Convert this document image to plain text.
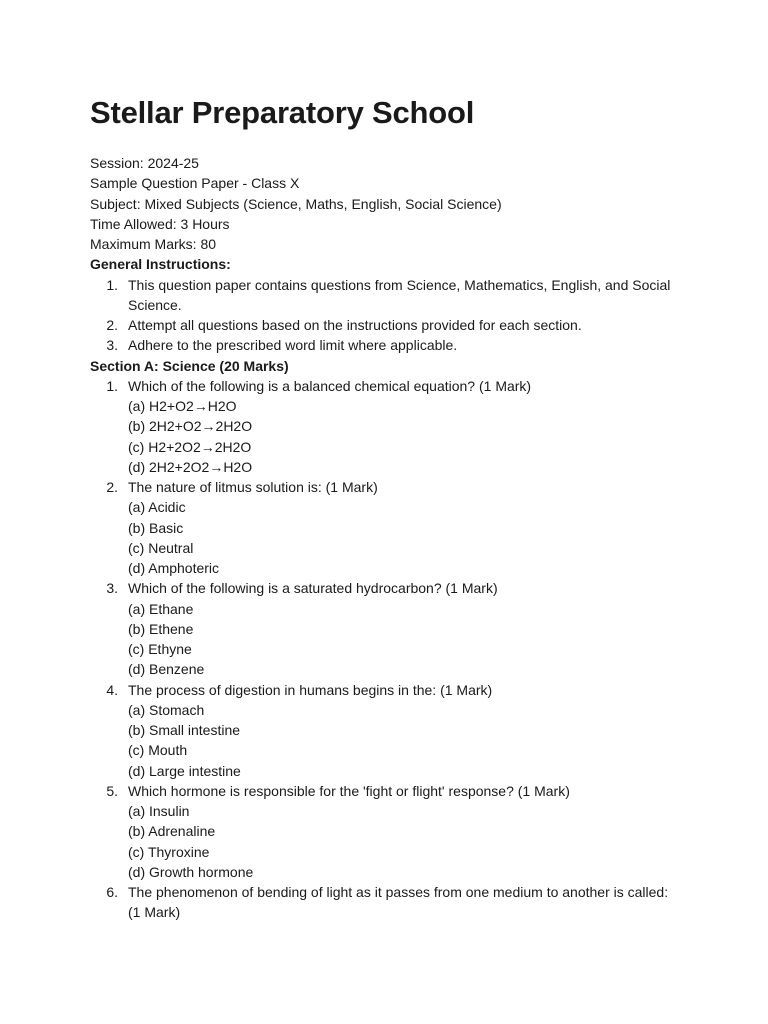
Stellar Preparatory School

Session: 2024-25

Sample Question Paper - Class X

Subject: Mixed Subjects (Science, Maths, English, Social Science)

Time Allowed: 3 Hours

Maximum Marks: 80

General Instructions:

1. This question paper contains questions from Science, Mathematics, English, and Social Science.
2. Attempt all questions based on the instructions provided for each section.
3. Adhere to the prescribed word limit where applicable.

Section A: Science (20 Marks)

1. Which of the following is a balanced chemical equation? (1 Mark)
(a) H2+O2→H2O
(b) 2H2+O2→2H2O
(c) H2+2O2→2H2O
(d) 2H2+2O2→H2O
2. The nature of litmus solution is: (1 Mark)
(a) Acidic
(b) Basic
(c) Neutral
(d) Amphoteric
3. Which of the following is a saturated hydrocarbon? (1 Mark)
(a) Ethane
(b) Ethene
(c) Ethyne
(d) Benzene
4. The process of digestion in humans begins in the: (1 Mark)
(a) Stomach
(b) Small intestine
(c) Mouth
(d) Large intestine
5. Which hormone is responsible for the 'fight or flight' response? (1 Mark)
(a) Insulin
(b) Adrenaline
(c) Thyroxine
(d) Growth hormone
6. The phenomenon of bending of light as it passes from one medium to another is called: (1 Mark)
